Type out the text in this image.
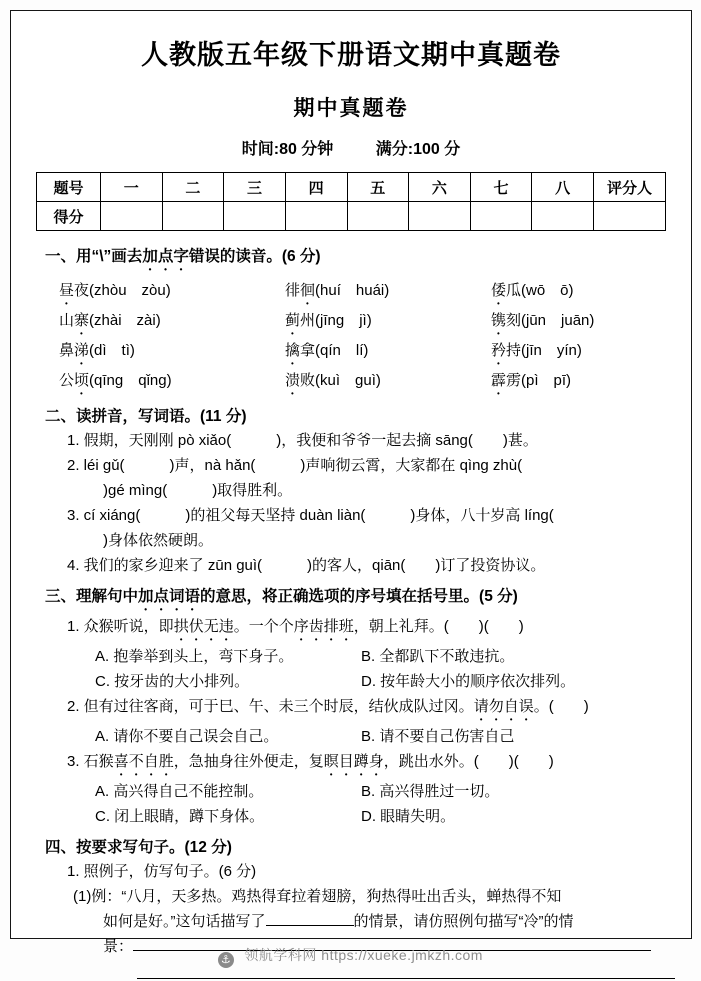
人教版五年级下册语文期中真题卷
期中真题卷
时间:80 分钟	满分:100 分
题号	一	二	三	四	五	六	七	八	评分人
得分									
一、用“\”画去加点字错误的读音。(6 分)
昼夜(zhòu　zòu)	徘徊(huí　huái)	倭瓜(wō　ō)
山寨(zhài　zài)	蓟州(jīng　jì)	镌刻(jūn　juān)
鼻涕(dì　tì)	擒拿(qín　lí)	矜持(jīn　yín)
公顷(qīng　qǐng)	溃败(kuì　guì)	霹雳(pì　pī)
二、读拼音，写词语。(11 分)
1. 假期，天刚刚 pò xiǎo(　　　)，我便和爷爷一起去摘 sāng(　　)葚。
2. léi gǔ(　　　)声，nà hǎn(　　　)声响彻云霄，大家都在 qìng zhù(
)gé mìng(　　　)取得胜利。
3. cí xiáng(　　　)的祖父每天坚持 duàn liàn(　　　)身体，八十岁高 líng(
)身体依然硬朗。
4. 我们的家乡迎来了 zūn guì(　　　)的客人，qiān(　　)订了投资协议。
三、理解句中加点词语的意思，将正确选项的序号填在括号里。(5 分)
1. 众猴听说，即拱伏无违。一个个序齿排班，朝上礼拜。(　　)(　　)
A. 抱拳举到头上，弯下身子。	B. 全都趴下不敢违抗。
C. 按牙齿的大小排列。	D. 按年龄大小的顺序依次排列。
2. 但有过往客商，可于巳、午、未三个时辰，结伙成队过冈。请勿自误。(　　)
A. 请你不要自己误会自己。	B. 请不要自己伤害自己
3. 石猴喜不自胜，急抽身往外便走，复瞑目蹲身，跳出水外。(　　)(　　)
A. 高兴得自己不能控制。	B. 高兴得胜过一切。
C. 闭上眼睛，蹲下身体。	D. 眼睛失明。
四、按要求写句子。(12 分)
1. 照例子，仿写句子。(6 分)
(1)例：“八月，天多热。鸡热得耷拉着翅膀，狗热得吐出舌头，蝉热得不知
如何是好。”这句话描写了	的情景，请仿照例句描写“冷”的情
景：
⚓ 领航学科网 https://xueke.jmkzh.com
